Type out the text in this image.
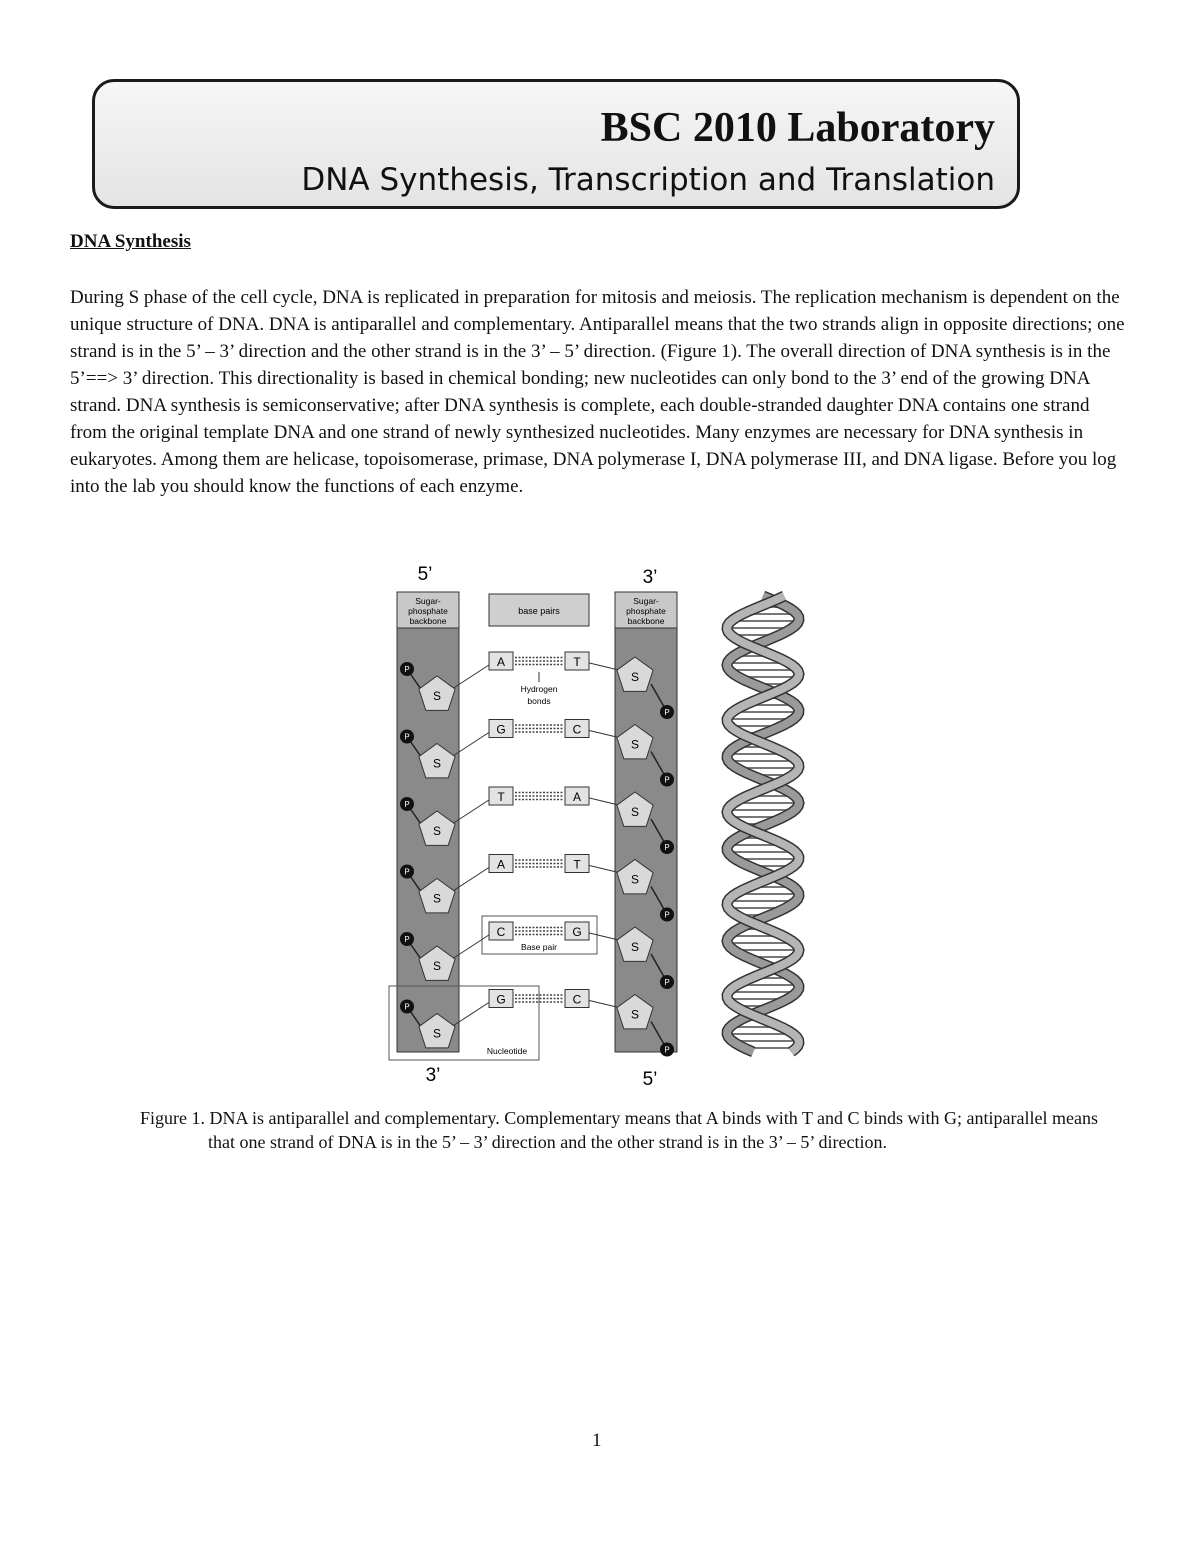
BSC 2010 Laboratory
DNA Synthesis, Transcription and Translation
DNA Synthesis

During S phase of the cell cycle, DNA is replicated in preparation for mitosis and meiosis. The replication mechanism is dependent on the unique structure of DNA. DNA is antiparallel and complementary. Antiparallel means that the two strands align in opposite directions; one strand is in the 5’ – 3’ direction and the other strand is in the 3’ – 5’ direction. (Figure 1). The overall direction of DNA synthesis is in the 5’==> 3’ direction. This directionality is based in chemical bonding; new nucleotides can only bond to the 3’ end of the growing DNA strand. DNA synthesis is semiconservative; after DNA synthesis is complete, each double-stranded daughter DNA contains one strand from the original template DNA and one strand of newly synthesized nucleotides. Many enzymes are necessary for DNA synthesis in eukaryotes. Among them are helicase, topoisomerase, primase, DNA polymerase I, DNA polymerase III, and DNA ligase. Before you log into the lab you should know the functions of each enzyme.

5’	3’
3’	5’
Sugar-
phosphate
backbone
Sugar-
phosphate
backbone
base pairs
Hydrogen
bonds
Base pair
Nucleotide
P
P
S
S
A	T
P
P
S
S
G	C
P
P
S
S
T	A
P
P
S
S
A	T
P
P
S
S
C	G
P
P
S
S
G	C

Figure 1. DNA is antiparallel and complementary. Complementary means that A binds with T and C binds with G; antiparallel means that one strand of DNA is in the 5’ – 3’ direction and the other strand is in the 3’ – 5’ direction.

1
